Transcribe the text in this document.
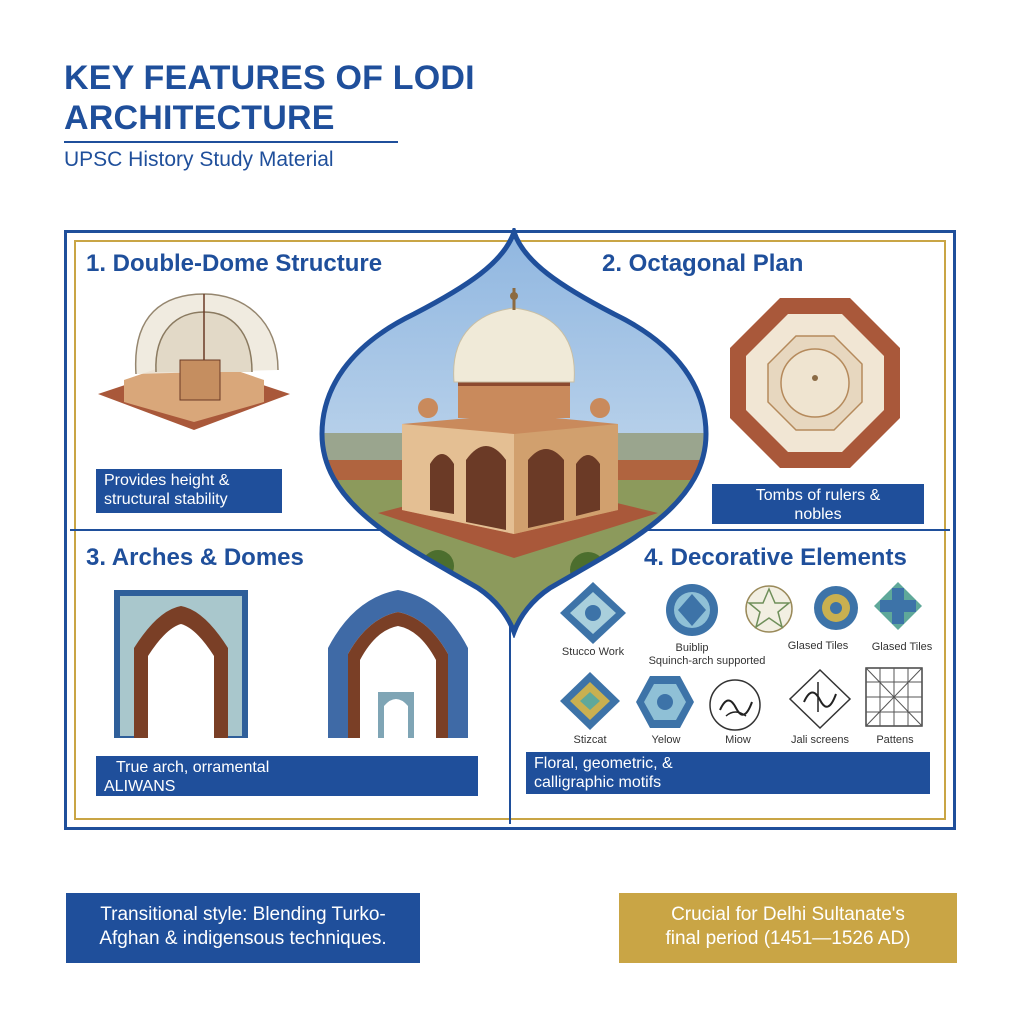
KEY FEATURES OF LODI ARCHITECTURE
UPSC History Study Material
1. Double-Dome Structure
Provides height &
structural stability
2. Octagonal Plan
Tombs of rulers &
nobles
3. Arches & Domes
True arch, orramental
ALIWANS
4. Decorative Elements
Stucco Work	Buiblip
Squinch-arch supported
Glased Tiles	Glased Tiles
Stizcat	Yelow	Miow	Jali screens	Pattens
Floral, geometric, &
calligraphic motifs
Transitional style: Blending Turko-
Afghan & indigensous techniques.
Crucial for Delhi Sultanate's
final period (1451—1526 AD)
